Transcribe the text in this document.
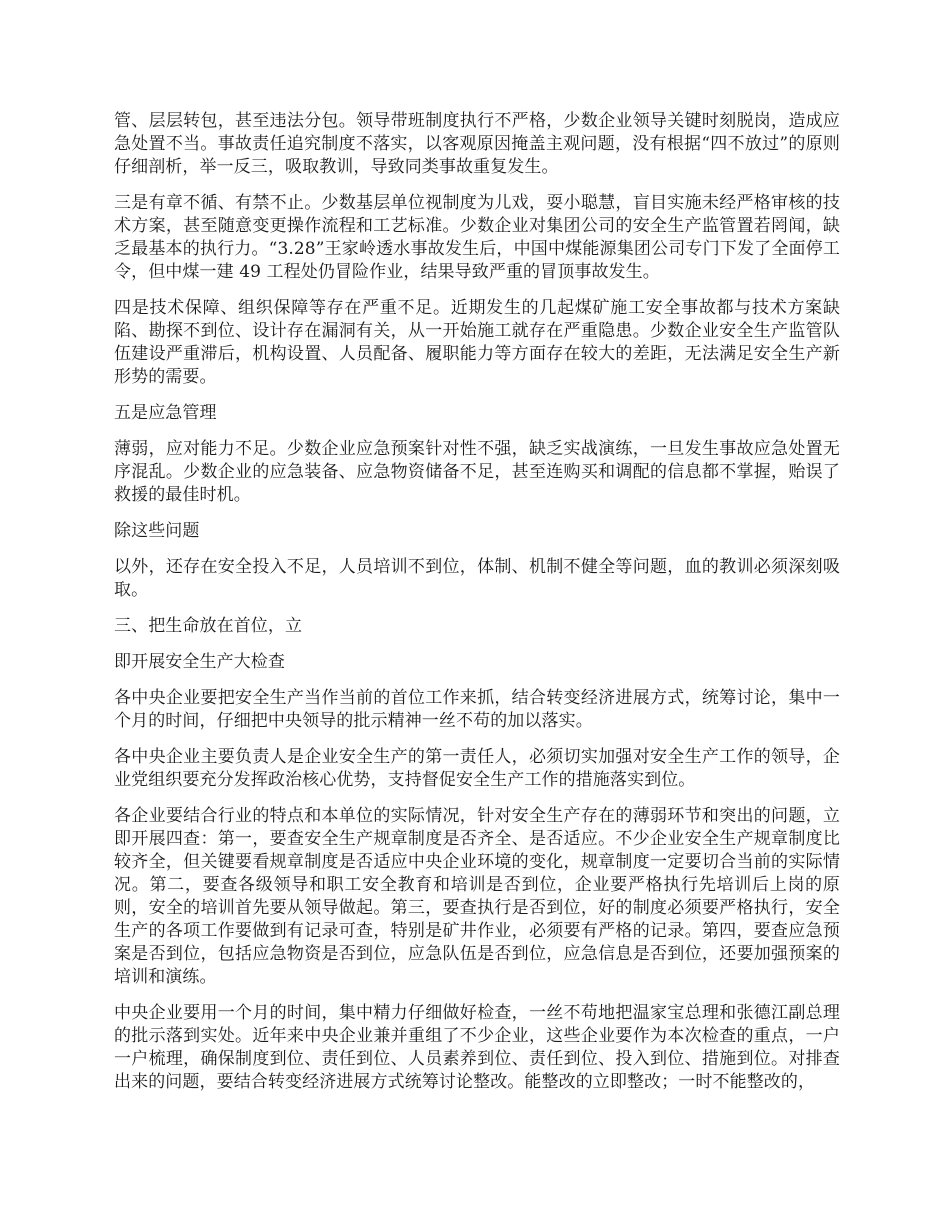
管、层层转包，甚至违法分包。领导带班制度执行不严格，少数企业领导关键时刻脱岗，造成应急处置不当。事故责任追究制度不落实，以客观原因掩盖主观问题，没有根据“四不放过”的原则仔细剖析，举一反三，吸取教训，导致同类事故重复发生。

三是有章不循、有禁不止。少数基层单位视制度为儿戏，耍小聪慧，盲目实施未经严格审核的技术方案，甚至随意变更操作流程和工艺标准。少数企业对集团公司的安全生产监管置若罔闻，缺乏最基本的执行力。“3.28”王家岭透水事故发生后，中国中煤能源集团公司专门下发了全面停工令，但中煤一建 49 工程处仍冒险作业，结果导致严重的冒顶事故发生。

四是技术保障、组织保障等存在严重不足。近期发生的几起煤矿施工安全事故都与技术方案缺陷、勘探不到位、设计存在漏洞有关，从一开始施工就存在严重隐患。少数企业安全生产监管队伍建设严重滞后，机构设置、人员配备、履职能力等方面存在较大的差距，无法满足安全生产新形势的需要。

五是应急管理

薄弱，应对能力不足。少数企业应急预案针对性不强，缺乏实战演练，一旦发生事故应急处置无序混乱。少数企业的应急装备、应急物资储备不足，甚至连购买和调配的信息都不掌握，贻误了救援的最佳时机。

除这些问题

以外，还存在安全投入不足，人员培训不到位，体制、机制不健全等问题，血的教训必须深刻吸取。

三、把生命放在首位，立

即开展安全生产大检查

各中央企业要把安全生产当作当前的首位工作来抓，结合转变经济进展方式，统筹讨论，集中一个月的时间，仔细把中央领导的批示精神一丝不苟的加以落实。

各中央企业主要负责人是企业安全生产的第一责任人，必须切实加强对安全生产工作的领导，企业党组织要充分发挥政治核心优势，支持督促安全生产工作的措施落实到位。

各企业要结合行业的特点和本单位的实际情况，针对安全生产存在的薄弱环节和突出的问题，立即开展四查：第一，要查安全生产规章制度是否齐全、是否适应。不少企业安全生产规章制度比较齐全，但关键要看规章制度是否适应中央企业环境的变化，规章制度一定要切合当前的实际情况。第二，要查各级领导和职工安全教育和培训是否到位，企业要严格执行先培训后上岗的原则，安全的培训首先要从领导做起。第三，要查执行是否到位，好的制度必须要严格执行，安全生产的各项工作要做到有记录可查，特别是矿井作业，必须要有严格的记录。第四，要查应急预案是否到位，包括应急物资是否到位，应急队伍是否到位，应急信息是否到位，还要加强预案的培训和演练。

中央企业要用一个月的时间，集中精力仔细做好检查，一丝不苟地把温家宝总理和张德江副总理的批示落到实处。近年来中央企业兼并重组了不少企业，这些企业要作为本次检查的重点，一户一户梳理，确保制度到位、责任到位、人员素养到位、责任到位、投入到位、措施到位。对排查出来的问题，要结合转变经济进展方式统筹讨论整改。能整改的立即整改；一时不能整改的，
